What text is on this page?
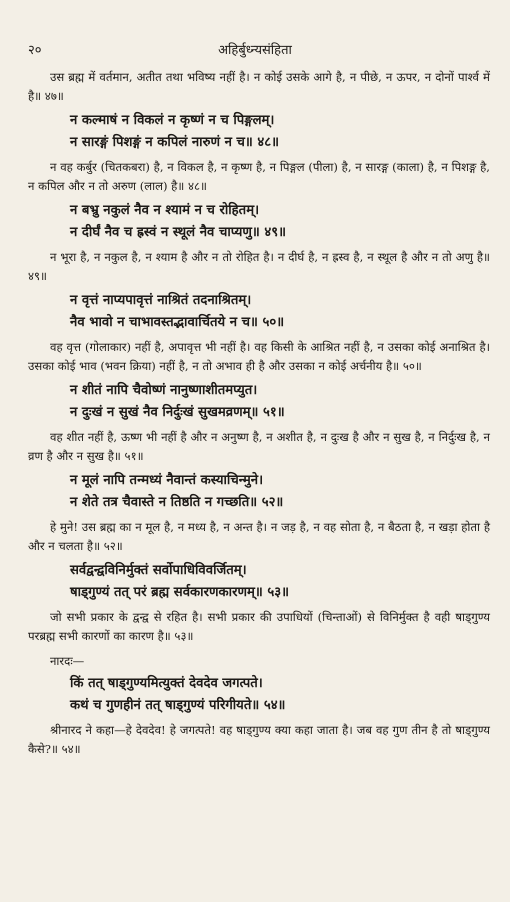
२०	अहिर्बुध्न्यसंहिता

उस ब्रह्म में वर्तमान, अतीत तथा भविष्य नहीं है। न कोई उसके आगे है, न पीछे, न ऊपर, न दोनों पार्श्व में है॥ ४७॥

न कल्माषं न विकलं न कृष्णं न च पिङ्गलम्।
न सारङ्गं पिशङ्गं न कपिलं नारुणं न च॥ ४८॥

न वह कर्बुर (चितकबरा) है, न विकल है, न कृष्ण है, न पिङ्गल (पीला) है, न सारङ्ग (काला) है, न पिशङ्ग है, न कपिल और न तो अरुण (लाल) है॥ ४८॥

न बभ्रु नकुलं नैव न श्यामं न च रोहितम्।
न दीर्घं नैव च ह्रस्वं न स्थूलं नैव चाप्यणु॥ ४९॥

न भूरा है, न नकुल है, न श्याम है और न तो रोहित है। न दीर्घ है, न ह्रस्व है, न स्थूल है और न तो अणु है॥ ४९॥

न वृत्तं नाप्यपावृत्तं नाश्रितं तदनाश्रितम्।
नैव भावो न चाभावस्तद्भावार्चितये न च॥ ५०॥

वह वृत्त (गोलाकार) नहीं है, अपावृत्त भी नहीं है। वह किसी के आश्रित नहीं है, न उसका कोई अनाश्रित है। उसका कोई भाव (भवन क्रिया) नहीं है, न तो अभाव ही है और उसका न कोई अर्चनीय है॥ ५०॥

न शीतं नापि चैवोष्णं नानुष्णाशीतमप्युत।
न दुःखं न सुखं नैव निर्दुःखं सुखमव्रणम्॥ ५१॥

वह शीत नहीं है, ऊष्ण भी नहीं है और न अनुष्ण है, न अशीत है, न दुःख है और न सुख है, न निर्दुःख है, न व्रण है और न सुख है॥ ५१॥

न मूलं नापि तन्मध्यं नैवान्तं कस्याचिन्मुने।
न शेते तत्र चैवास्ते न तिष्ठति न गच्छति॥ ५२॥

हे मुने! उस ब्रह्म का न मूल है, न मध्य है, न अन्त है। न जड़ है, न वह सोता है, न बैठता है, न खड़ा होता है और न चलता है॥ ५२॥

सर्वद्वन्द्वविनिर्मुक्तं सर्वोपाधिविवर्जितम्।
षाड्गुण्यं तत् परं ब्रह्म सर्वकारणकारणम्॥ ५३॥

जो सभी प्रकार के द्वन्द्व से रहित है। सभी प्रकार की उपाधियों (चिन्ताओं) से विनिर्मुक्त है वही षाड्गुण्य परब्रह्म सभी कारणों का कारण है॥ ५३॥

नारदः—
किं तत् षाड्गुण्यमित्युक्तं देवदेव जगत्पते।
कथं च गुणहीनं तत् षाड्गुण्यं परिगीयते॥ ५४॥

श्रीनारद ने कहा—हे देवदेव! हे जगत्पते! वह षाड्गुण्य क्या कहा जाता है। जब वह गुण तीन है तो षाड्गुण्य कैसे?॥ ५४॥
